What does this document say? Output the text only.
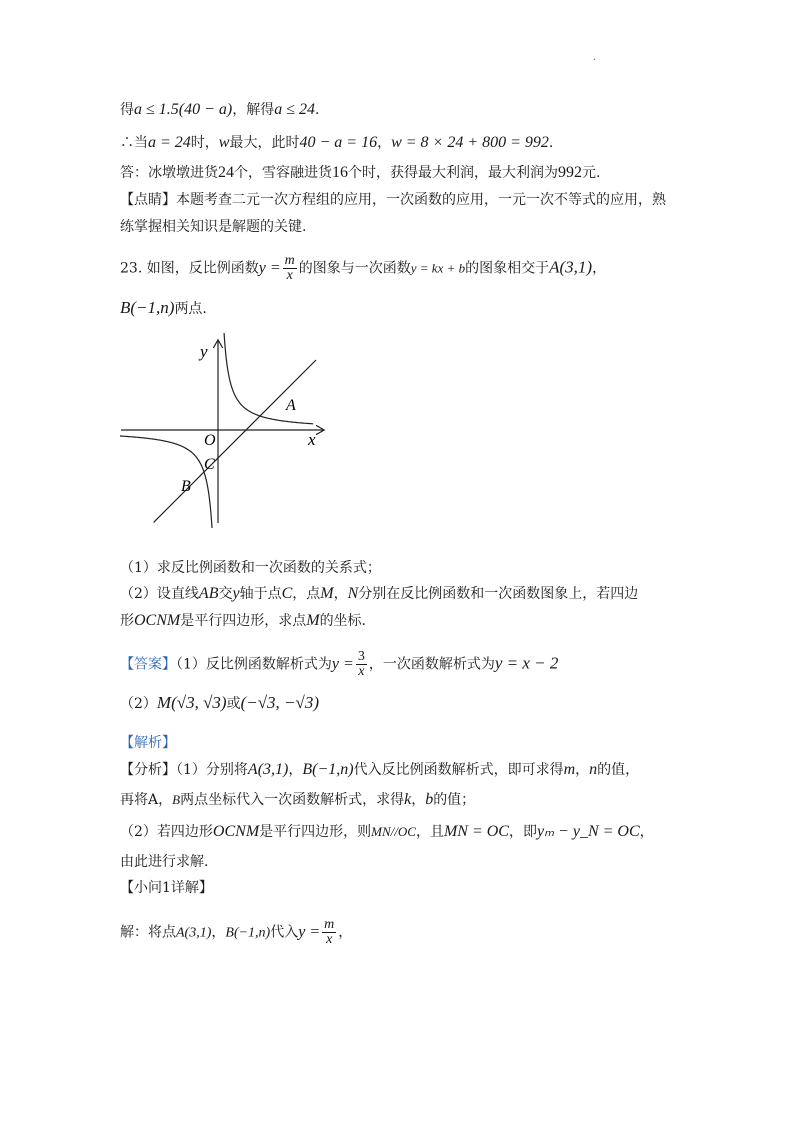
.
得a ≤ 1.5(40 − a)，解得a ≤ 24.
∴当a = 24时，w最大，此时40 − a = 16，w = 8 × 24 + 800 = 992.
答：冰墩墩进货24个，雪容融进货16个时，获得最大利润，最大利润为992元.
【点睛】本题考查二元一次方程组的应用，一次函数的应用，一元一次不等式的应用，熟
练掌握相关知识是解题的关键.
23. 如图，反比例函数$y = \frac{m}{x}$ 的图象与一次函数y = kx + b的图象相交于A(3,1)，
B(−1,n)两点.
y
x
O
A
B
C
（1）求反比例函数和一次函数的关系式；
（2）设直线AB交y轴于点C，点M，N分别在反比例函数和一次函数图象上，若四边
形OCNM是平行四边形，求点M的坐标.
【答案】（1）反比例函数解析式为$y = \frac{3}{x}$ ，一次函数解析式为y = x − 2
（2）M(√3, √3)或(−√3, −√3)
【解析】
【分析】（1）分别将A(3,1)，B(−1,n)代入反比例函数解析式，即可求得m，n的值，
再将A，B两点坐标代入一次函数解析式，求得k，b的值；
（2）若四边形OCNM是平行四边形，则MN//OC，且MN = OC，即yₘ − y_N = OC，
由此进行求解.
【小问1详解】
解：将点A(3,1)，B(−1,n)代入$y = \frac{m}{x}$ ，
